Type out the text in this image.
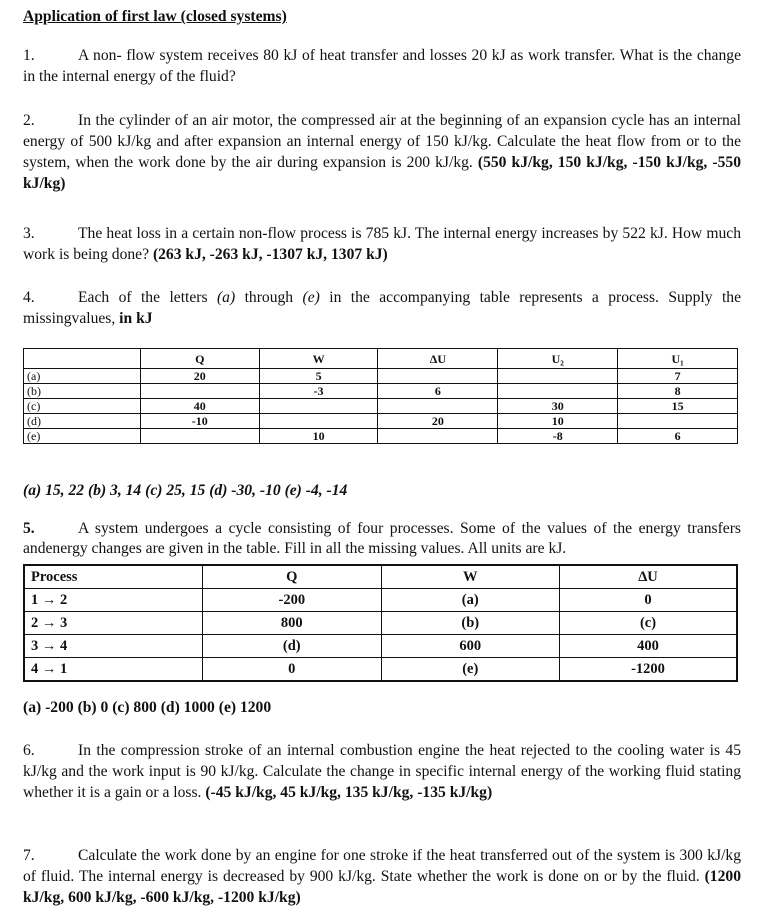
Application of first law (closed systems)
1.	A non- flow system receives 80 kJ of heat transfer and losses 20 kJ as work transfer. What is the change in the internal energy of the fluid?
2.	In the cylinder of an air motor, the compressed air at the beginning of an expansion cycle has an internal energy of 500 kJ/kg and after expansion an internal energy of 150 kJ/kg. Calculate the heat flow from or to the system, when the work done by the air during expansion is 200 kJ/kg. (550 kJ/kg, 150 kJ/kg, -150 kJ/kg, -550 kJ/kg)
3.	The heat loss in a certain non-flow process is 785 kJ. The internal energy increases by 522 kJ. How much work is being done? (263 kJ, -263 kJ, -1307 kJ, 1307 kJ)
4.	Each of the letters (a) through (e) in the accompanying table represents a process. Supply the missingvalues, in kJ
	Q	W	ΔU	U₂	U₁
(a)	20	5			7
(b)		-3	6		8
(c)	40			30	15
(d)	-10		20	10	
(e)		10		-8	6
(a) 15, 22 (b) 3, 14 (c) 25, 15 (d) -30, -10 (e) -4, -14
5.	A system undergoes a cycle consisting of four processes. Some of the values of the energy transfers andenergy changes are given in the table. Fill in all the missing values. All units are kJ.
Process	Q	W	ΔU
1 → 2	-200	(a)	0
2 → 3	800	(b)	(c)
3 → 4	(d)	600	400
4 → 1	0	(e)	-1200
(a) -200 (b) 0 (c) 800 (d) 1000 (e) 1200
6.	In the compression stroke of an internal combustion engine the heat rejected to the cooling water is 45 kJ/kg and the work input is 90 kJ/kg. Calculate the change in specific internal energy of the working fluid stating whether it is a gain or a loss. (-45 kJ/kg, 45 kJ/kg, 135 kJ/kg, -135 kJ/kg)
7.	Calculate the work done by an engine for one stroke if the heat transferred out of the system is 300 kJ/kg of fluid. The internal energy is decreased by 900 kJ/kg. State whether the work is done on or by the fluid. (1200 kJ/kg, 600 kJ/kg, -600 kJ/kg, -1200 kJ/kg)
